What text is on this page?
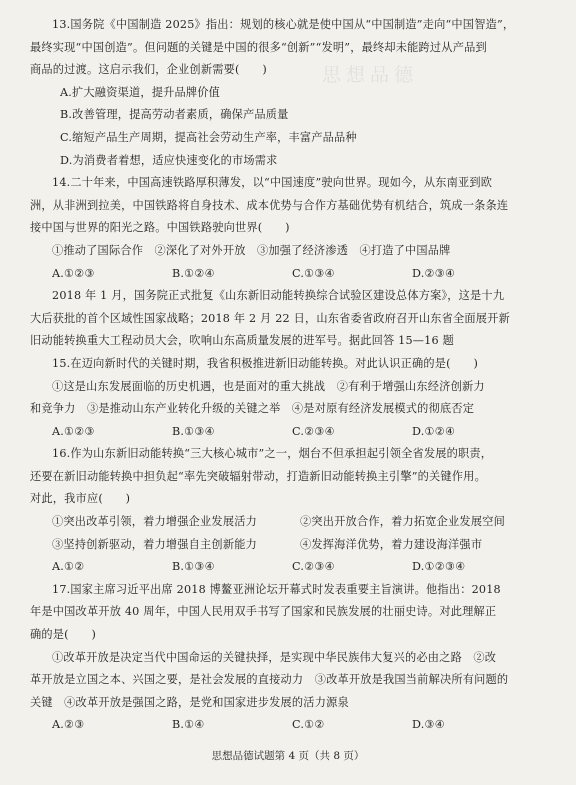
思想品德
13.国务院《中国制造 2025》指出：规划的核心就是使中国从“中国制造”走向“中国智造”，
最终实现“中国创造”。但问题的关键是中国的很多“创新”“发明”，最终却未能跨过从产品到
商品的过渡。这启示我们，企业创新需要(　　)
A.扩大融资渠道，提升品牌价值
B.改善管理，提高劳动者素质，确保产品质量
C.缩短产品生产周期，提高社会劳动生产率，丰富产品品种
D.为消费者着想，适应快速变化的市场需求
14.二十年来，中国高速铁路厚积薄发，以“中国速度”驶向世界。现如今，从东南亚到欧
洲，从非洲到拉美，中国铁路将自身技术、成本优势与合作方基础优势有机结合，筑成一条条连
接中国与世界的阳光之路。中国铁路驶向世界(　　)
①推动了国际合作　②深化了对外开放　③加强了经济渗透　④打造了中国品牌
A.①②③	B.①②④	C.①③④	D.②③④
2018 年 1 月，国务院正式批复《山东新旧动能转换综合试验区建设总体方案》，这是十九
大后获批的首个区域性国家战略；2018 年 2 月 22 日，山东省委省政府召开山东省全面展开新
旧动能转换重大工程动员大会，吹响山东高质量发展的进军号。据此回答 15—16 题
15.在迈向新时代的关键时期，我省积极推进新旧动能转换。对此认识正确的是(　　)
①这是山东发展面临的历史机遇，也是面对的重大挑战　②有利于增强山东经济创新力
和竞争力　③是推动山东产业转化升级的关键之举　④是对原有经济发展模式的彻底否定
A.①②③	B.①③④	C.②③④	D.①②④
16.作为山东新旧动能转换“三大核心城市”之一，烟台不但承担起引领全省发展的职责，
还要在新旧动能转换中担负起“率先突破辐射带动，打造新旧动能转换主引擎”的关键作用。
对此，我市应(　　)
①突出改革引领，着力增强企业发展活力	②突出开放合作，着力拓宽企业发展空间
③坚持创新驱动，着力增强自主创新能力	④发挥海洋优势，着力建设海洋强市
A.①②	B.①③④	C.②③④	D.①②③④
17.国家主席习近平出席 2018 博鳌亚洲论坛开幕式时发表重要主旨演讲。他指出：2018
年是中国改革开放 40 周年，中国人民用双手书写了国家和民族发展的壮丽史诗。对此理解正
确的是(　　)
①改革开放是决定当代中国命运的关键抉择，是实现中华民族伟大复兴的必由之路　②改
革开放是立国之本、兴国之要，是社会发展的直接动力　③改革开放是我国当前解决所有问题的
关键　④改革开放是强国之路，是党和国家进步发展的活力源泉
A.②③	B.①④	C.①②	D.③④
思想品德试题第 4 页（共 8 页）
